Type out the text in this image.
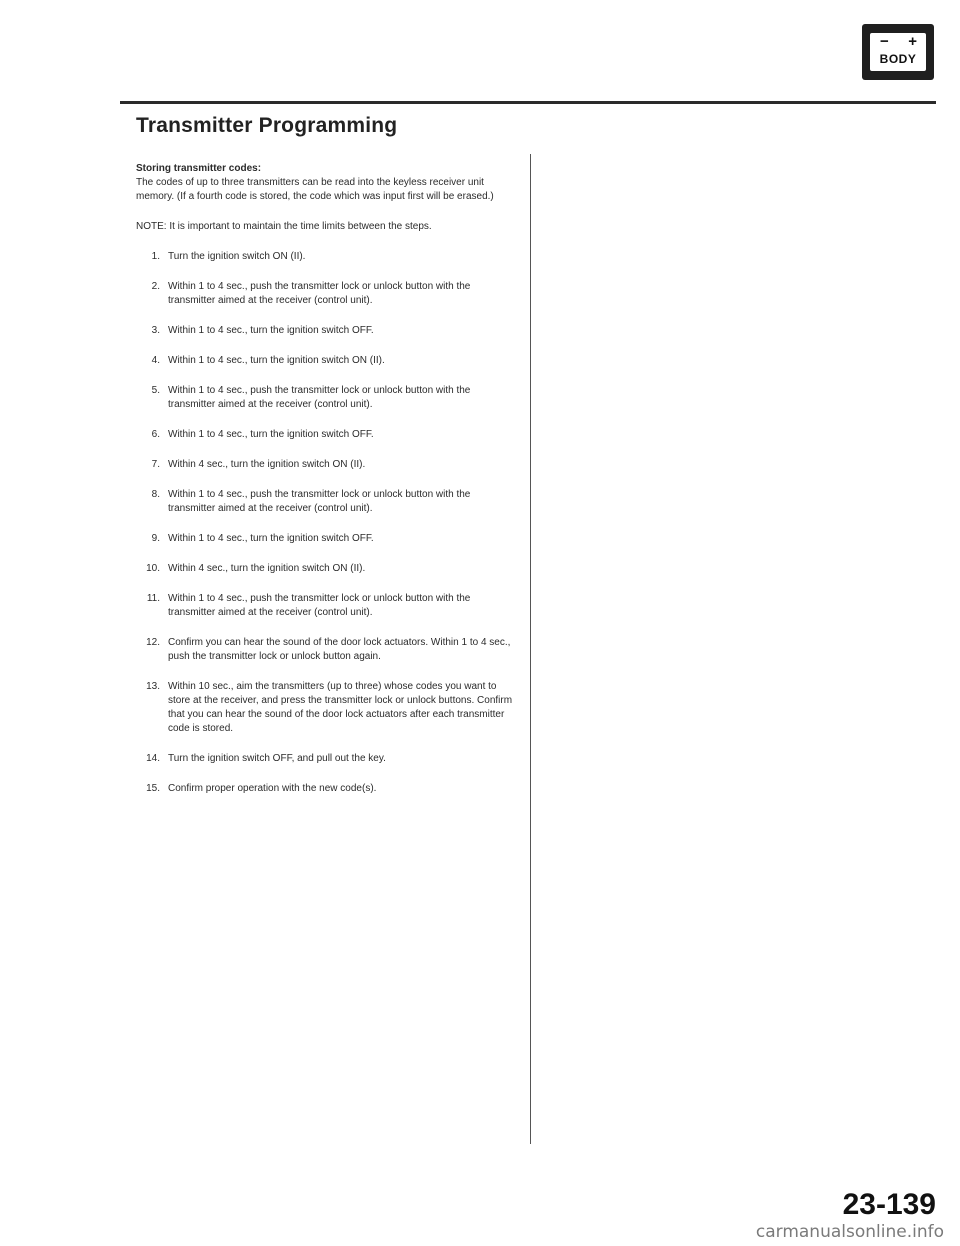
− +
BODY
Transmitter Programming

Storing transmitter codes:
The codes of up to three transmitters can be read into the keyless receiver unit memory. (If a fourth code is stored, the code which was input first will be erased.)

NOTE: It is important to maintain the time limits between the steps.

1. Turn the ignition switch ON (II).
2. Within 1 to 4 sec., push the transmitter lock or unlock button with the transmitter aimed at the receiver (control unit).
3. Within 1 to 4 sec., turn the ignition switch OFF.
4. Within 1 to 4 sec., turn the ignition switch ON (II).
5. Within 1 to 4 sec., push the transmitter lock or unlock button with the transmitter aimed at the receiver (control unit).
6. Within 1 to 4 sec., turn the ignition switch OFF.
7. Within 4 sec., turn the ignition switch ON (II).
8. Within 1 to 4 sec., push the transmitter lock or unlock button with the transmitter aimed at the receiver (control unit).
9. Within 1 to 4 sec., turn the ignition switch OFF.
10. Within 4 sec., turn the ignition switch ON (II).
11. Within 1 to 4 sec., push the transmitter lock or unlock button with the transmitter aimed at the receiver (control unit).
12. Confirm you can hear the sound of the door lock actuators. Within 1 to 4 sec., push the transmitter lock or unlock button again.
13. Within 10 sec., aim the transmitters (up to three) whose codes you want to store at the receiver, and press the transmitter lock or unlock buttons. Confirm that you can hear the sound of the door lock actuators after each transmitter code is stored.
14. Turn the ignition switch OFF, and pull out the key.
15. Confirm proper operation with the new code(s).
23-139
carmanualsonline.info
